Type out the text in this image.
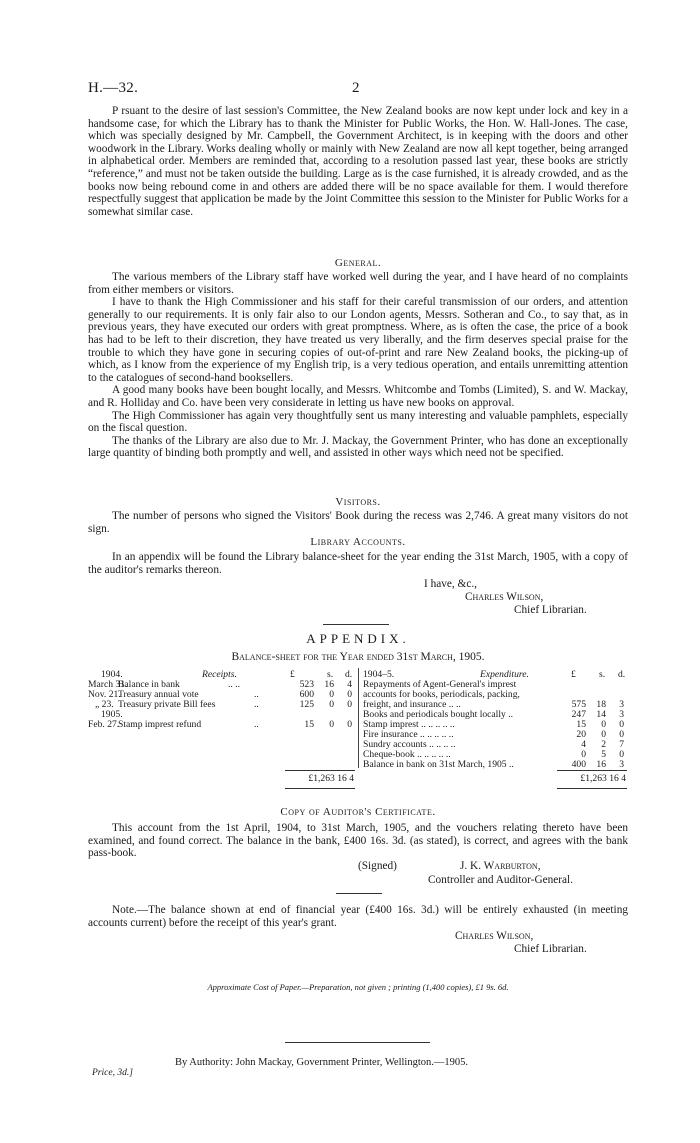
H.—32.	2

P rsuant to the desire of last session's Committee, the New Zealand books are now kept under lock and key in a handsome case, for which the Library has to thank the Minister for Public Works, the Hon. W. Hall-Jones. The case, which was specially designed by Mr. Campbell, the Government Architect, is in keeping with the doors and other woodwork in the Library. Works dealing wholly or mainly with New Zealand are now all kept together, being arranged in alphabetical order. Members are reminded that, according to a resolution passed last year, these books are strictly “reference,” and must not be taken outside the building. Large as is the case furnished, it is already crowded, and as the books now being rebound come in and others are added there will be no space available for them. I would therefore respectfully suggest that application be made by the Joint Committee this session to the Minister for Public Works for a somewhat similar case.

General.

The various members of the Library staff have worked well during the year, and I have heard of no complaints from either members or visitors.

I have to thank the High Commissioner and his staff for their careful transmission of our orders, and attention generally to our requirements. It is only fair also to our London agents, Messrs. Sotheran and Co., to say that, as in previous years, they have executed our orders with great promptness. Where, as is often the case, the price of a book has had to be left to their discretion, they have treated us very liberally, and the firm deserves special praise for the trouble to which they have gone in securing copies of out-of-print and rare New Zealand books, the picking-up of which, as I know from the experience of my English trip, is a very tedious operation, and entails unremitting attention to the catalogues of second-hand booksellers.

A good many books have been bought locally, and Messrs. Whitcombe and Tombs (Limited), S. and W. Mackay, and R. Holliday and Co. have been very considerate in letting us have new books on approval.

The High Commissioner has again very thoughtfully sent us many interesting and valuable pamphlets, especially on the fiscal question.

The thanks of the Library are also due to Mr. J. Mackay, the Government Printer, who has done an exceptionally large quantity of binding both promptly and well, and assisted in other ways which need not be specified.

Visitors.

The number of persons who signed the Visitors' Book during the recess was 2,746. A great many visitors do not sign.

Library Accounts.

In an appendix will be found the Library balance-sheet for the year ending the 31st March, 1905, with a copy of the auditor's remarks thereon.

I have, &c.,
Charles Wilson,
Chief Librarian.
APPENDIX.
Balance-sheet for the Year ended 31st March, 1905.
1904.	Receipts.	£	s. d.
March 31.
Balance in bank	.. ..	523	16	4
Nov. 21.
Treasury annual vote	..	600	0	0
„ 23. Treasury private Bill fees	..	125	0	0
1905.
Feb. 27.
Stamp imprest refund	..	15	0	0
£1,263 16 4
1904–5.	Expenditure.	£ s. d.
Repayments of Agent-General's imprest
accounts for books, periodicals, packing,
freight, and insurance .. ..	575	18	3
Books and periodicals bought locally ..	247	14	3
Stamp imprest .. .. .. .. ..	15	0	0
Fire insurance .. .. .. .. ..	20	0	0
Sundry accounts .. .. .. ..	4	2	7
Cheque-book .. .. .. .. ..	0	5	0
Balance in bank on 31st March, 1905 ..	400	16	3
£1,263 16 4
Copy of Auditor's Certificate.

This account from the 1st April, 1904, to 31st March, 1905, and the vouchers relating thereto have been examined, and found correct. The balance in the bank, £400 16s. 3d. (as stated), is correct, and agrees with the bank pass-book.

(Signed)	J. K. Warburton,
Controller and Auditor-General.

Note.—The balance shown at end of financial year (£400 16s. 3d.) will be entirely exhausted (in meeting accounts current) before the receipt of this year's grant.

Charles Wilson,
Chief Librarian.
Approximate Cost of Paper.—Preparation, not given ; printing (1,400 copies), £1 9s. 6d.
By Authority: John Mackay, Government Printer, Wellington.—1905.
Price, 3d.]
